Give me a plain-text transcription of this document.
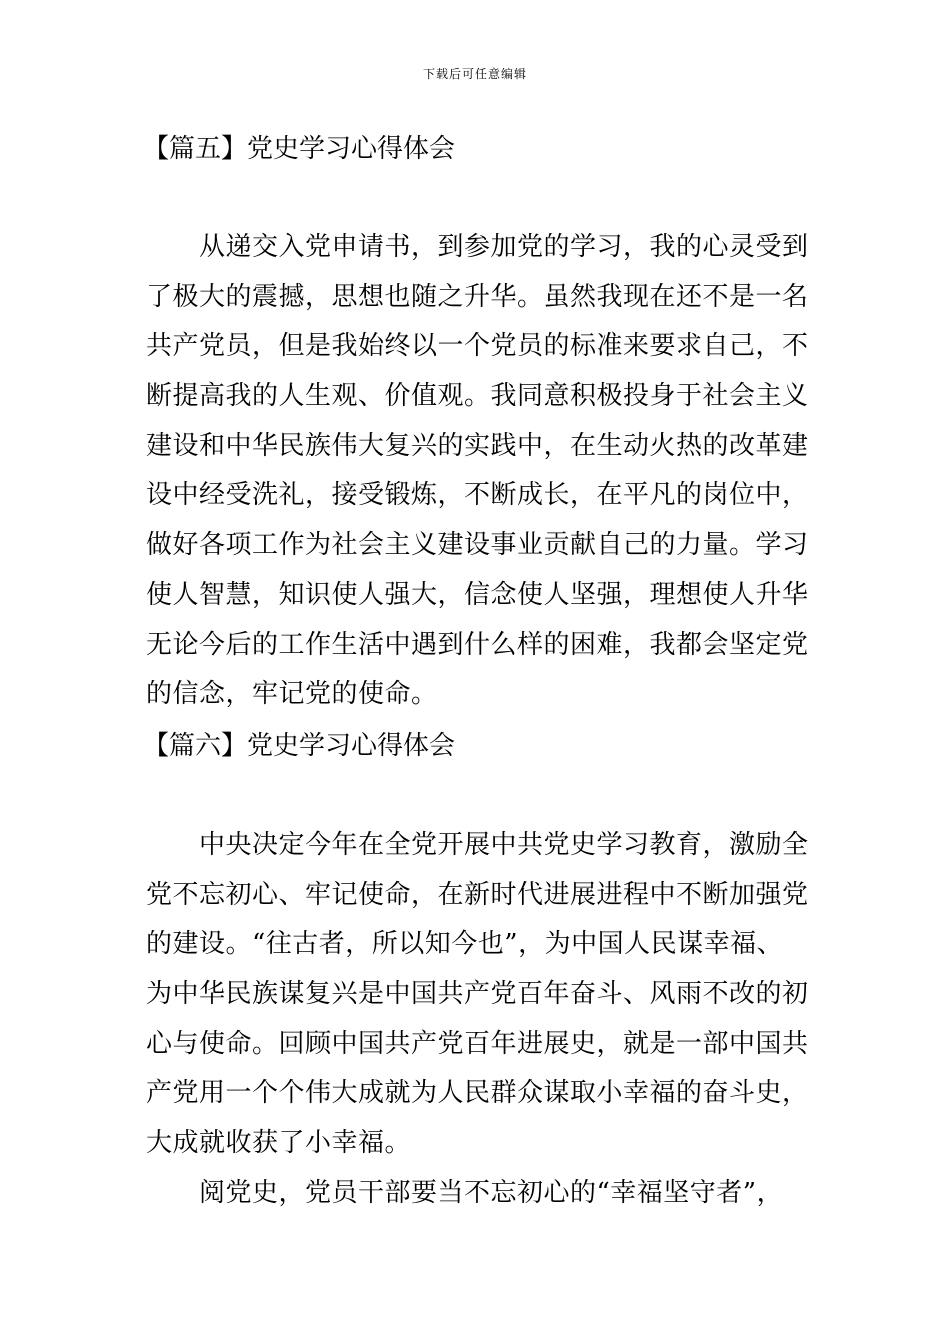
下载后可任意编辑
【篇五】党史学习心得体会
从递交入党申请书，到参加党的学习，我的心灵受到
了极大的震撼，思想也随之升华。虽然我现在还不是一名
共产党员，但是我始终以一个党员的标准来要求自己，不
断提高我的人生观、价值观。我同意积极投身于社会主义
建设和中华民族伟大复兴的实践中，在生动火热的改革建
设中经受洗礼，接受锻炼，不断成长，在平凡的岗位中，
做好各项工作为社会主义建设事业贡献自己的力量。学习
使人智慧，知识使人强大，信念使人坚强，理想使人升华
无论今后的工作生活中遇到什么样的困难，我都会坚定党
的信念，牢记党的使命。
【篇六】党史学习心得体会
中央决定今年在全党开展中共党史学习教育，激励全
党不忘初心、牢记使命，在新时代进展进程中不断加强党
的建设。“往古者，所以知今也”，为中国人民谋幸福、
为中华民族谋复兴是中国共产党百年奋斗、风雨不改的初
心与使命。回顾中国共产党百年进展史，就是一部中国共
产党用一个个伟大成就为人民群众谋取小幸福的奋斗史，
大成就收获了小幸福。
阅党史，党员干部要当不忘初心的“幸福坚守者”，
